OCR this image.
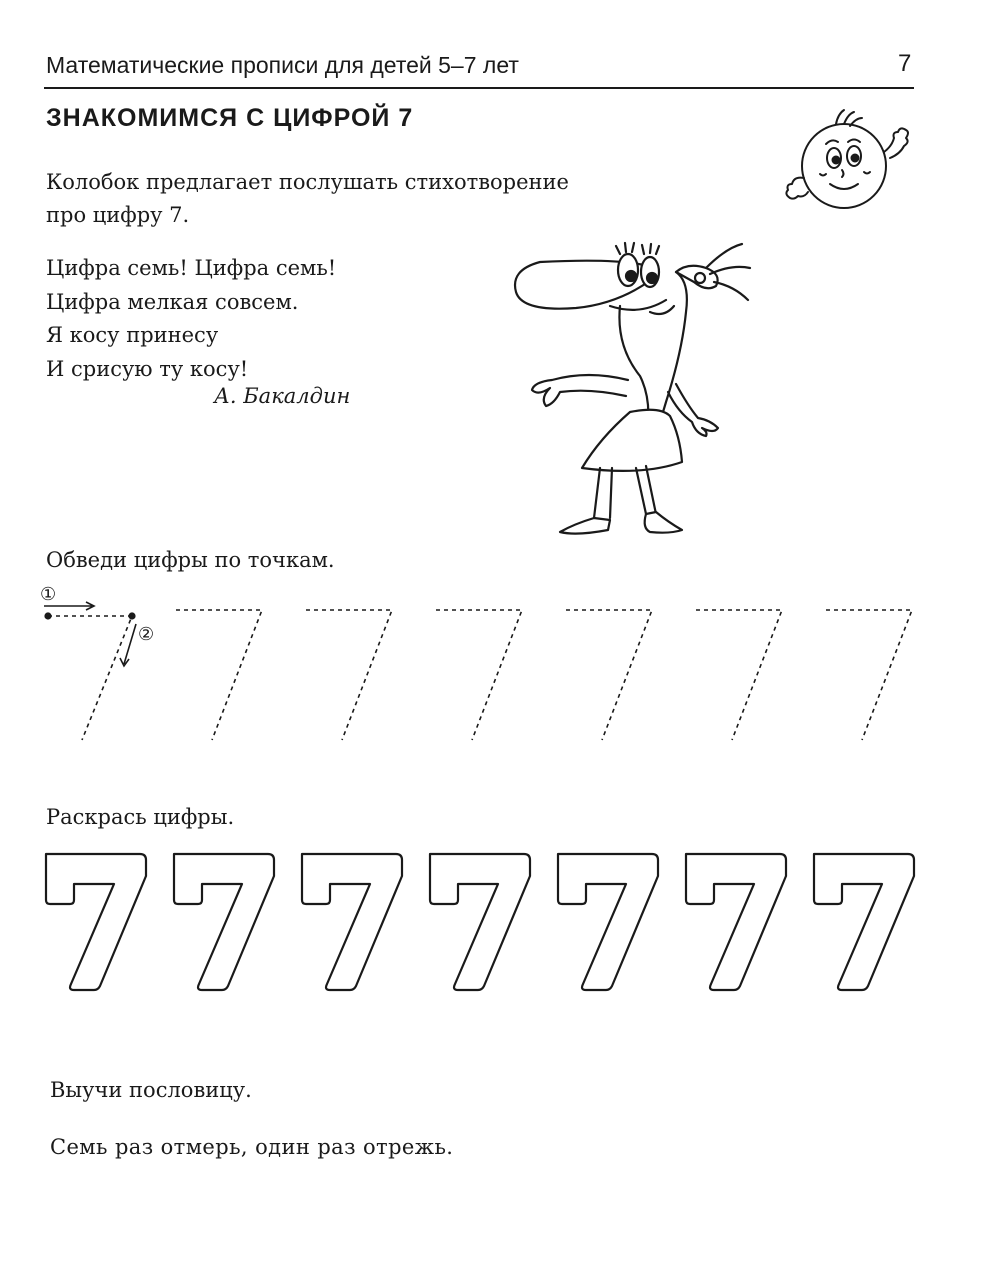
Математические прописи для детей 5–7 лет	7
ЗНАКОМИМСЯ С ЦИФРОЙ 7
Колобок предлагает послушать стихотворение
про цифру 7.
Цифра семь! Цифра семь!
Цифра мелкая совсем.
Я косу принесу
И срисую ту косу!
А. Бакалдин
Обведи цифры по точкам.
①
②
Раскрась цифры.
Выучи пословицу.
Семь раз отмерь, один раз отрежь.
